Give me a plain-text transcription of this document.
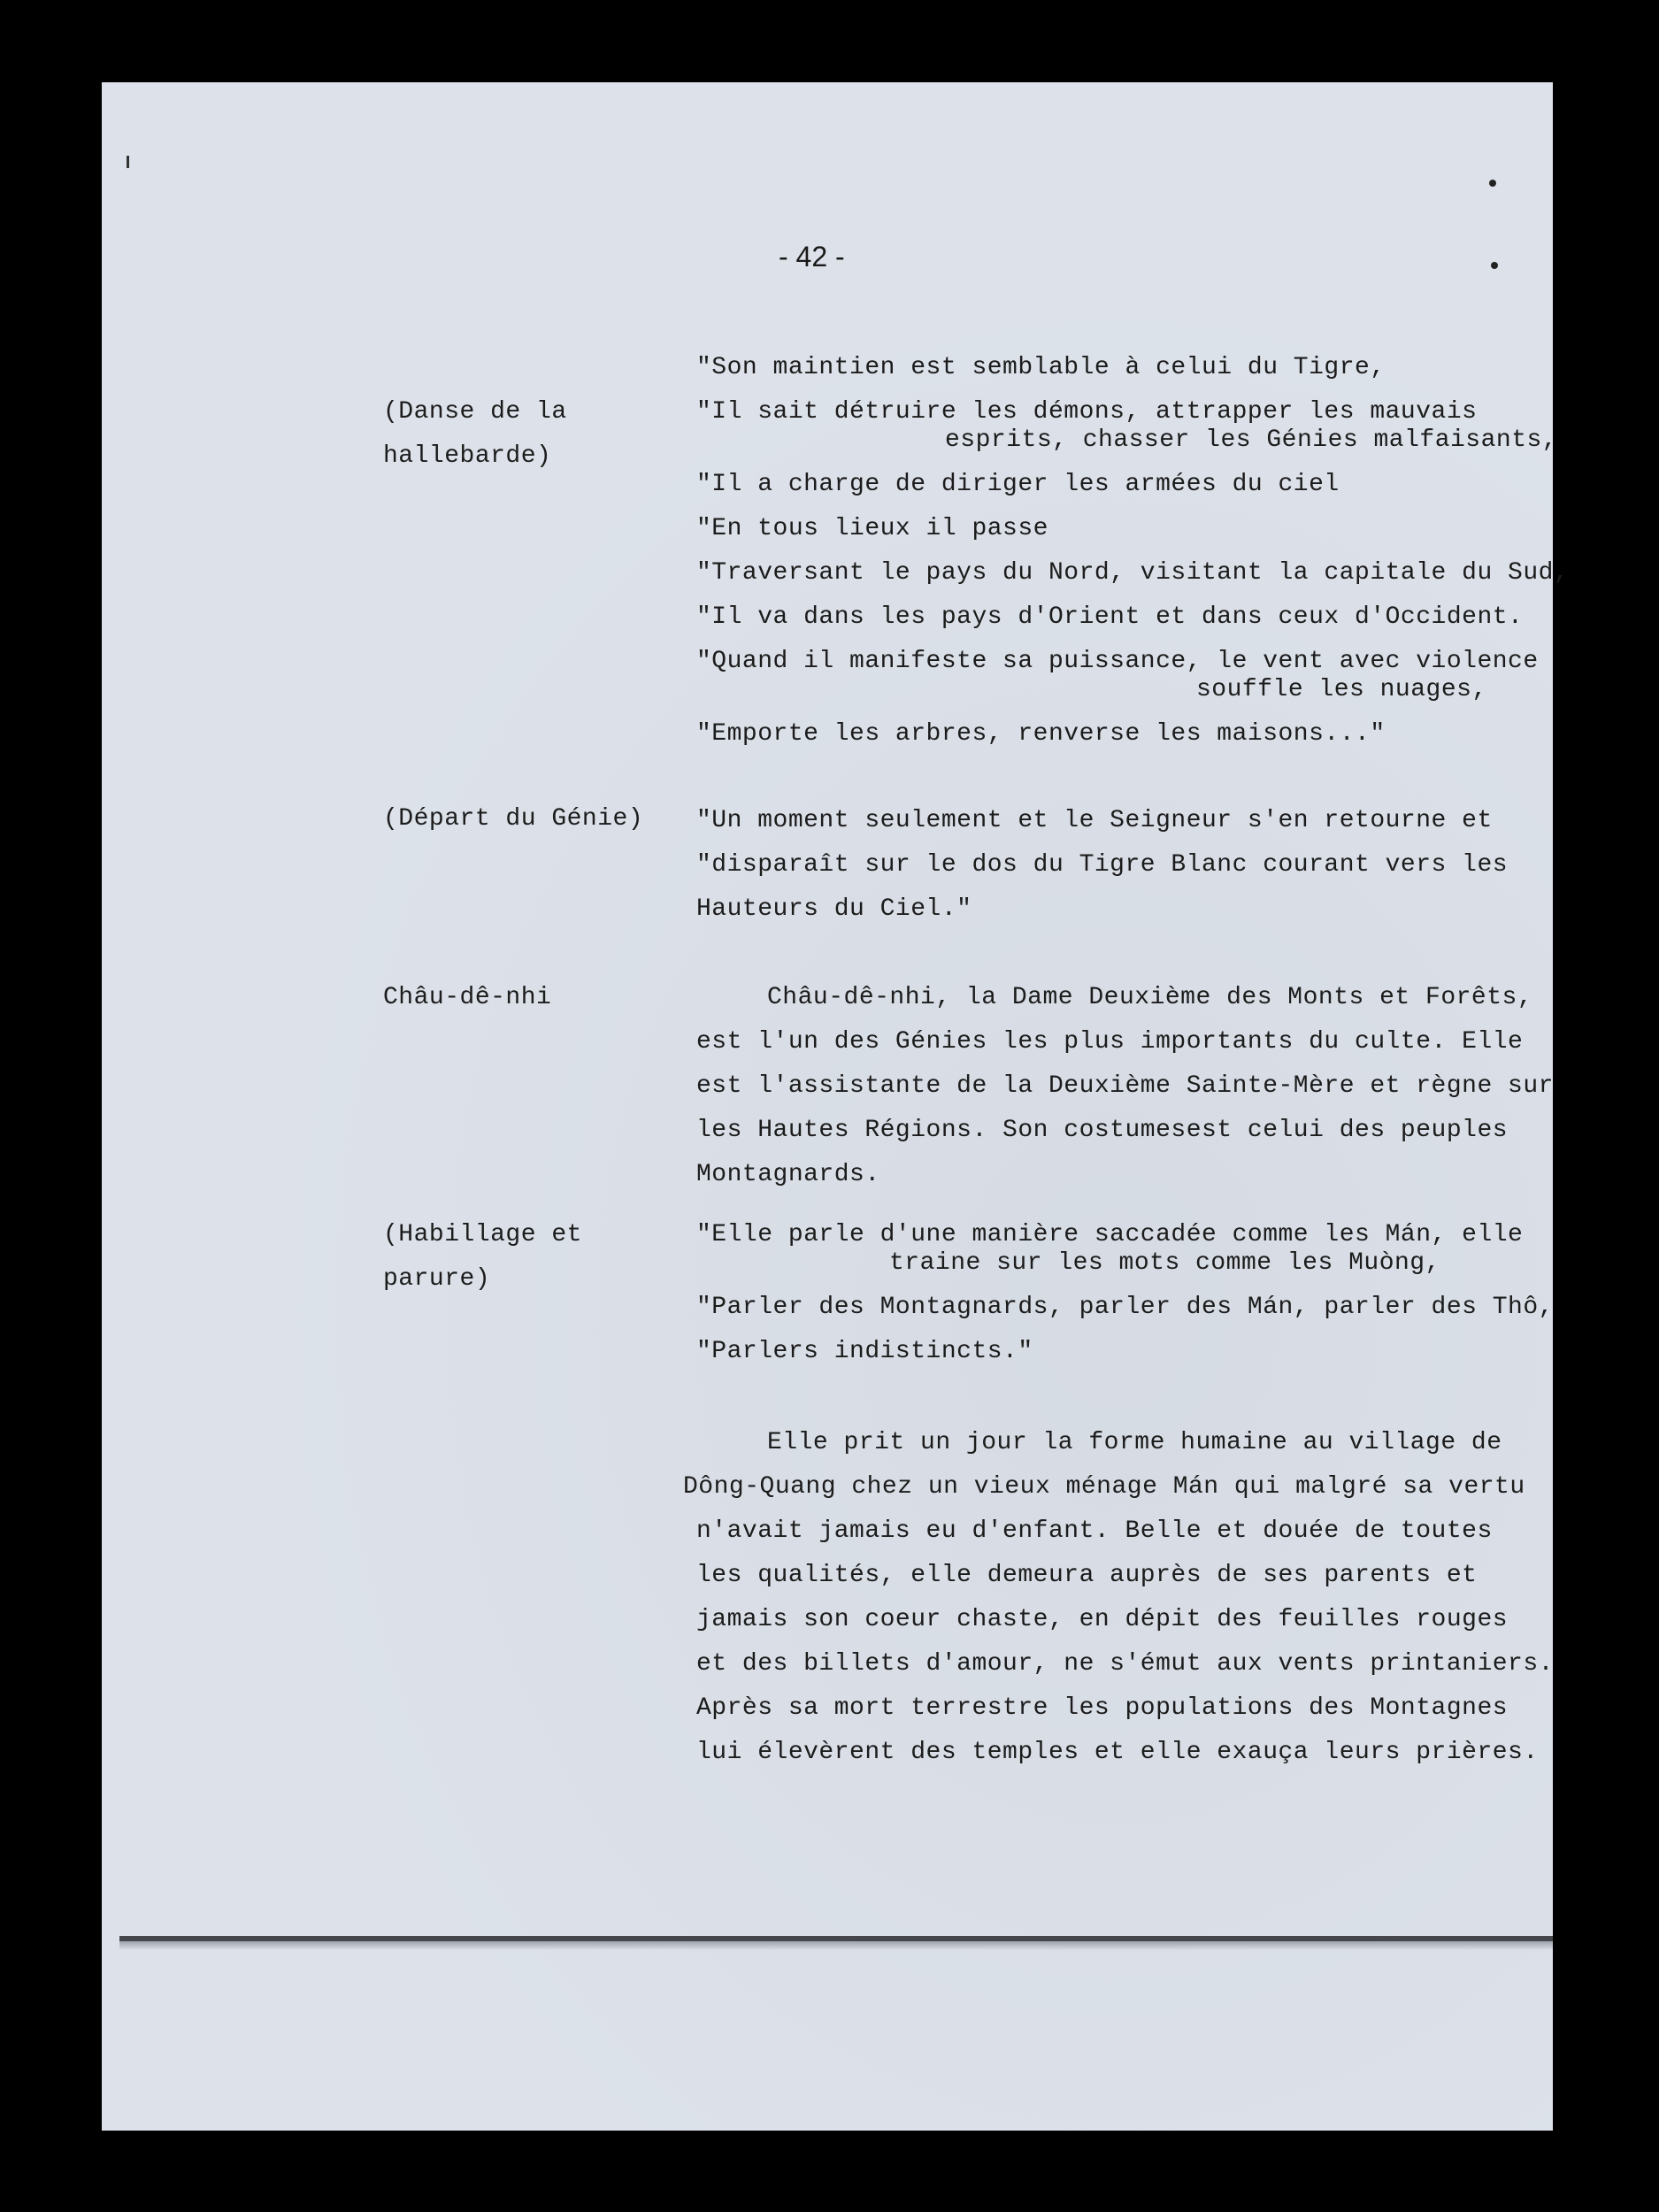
- 42 -
(Danse de la
hallebarde)
(Départ du Génie)
Châu-dê-nhi
(Habillage et
parure)
"Son maintien est semblable à celui du Tigre,
"Il sait détruire les démons, attrapper les mauvais
esprits, chasser les Génies malfaisants,
"Il a charge de diriger les armées du ciel
"En tous lieux il passe
"Traversant le pays du Nord, visitant la capitale du Sud,
"Il va dans les pays d'Orient et dans ceux d'Occident.
"Quand il manifeste sa puissance, le vent avec violence
souffle les nuages,
"Emporte les arbres, renverse les maisons..."
"Un moment seulement et le Seigneur s'en retourne et
"disparaît sur le dos du Tigre Blanc courant vers les
Hauteurs du Ciel."
Châu-dê-nhi, la Dame Deuxième des Monts et Forêts,
est l'un des Génies les plus importants du culte. Elle
est l'assistante de la Deuxième Sainte-Mère et règne sur
les Hautes Régions. Son costumesest celui des peuples
Montagnards.
"Elle parle d'une manière saccadée comme les Mán, elle
traine sur les mots comme les Muòng,
"Parler des Montagnards, parler des Mán, parler des Thô,
"Parlers indistincts."
Elle prit un jour la forme humaine au village de
Dông-Quang chez un vieux ménage Mán qui malgré sa vertu
n'avait jamais eu d'enfant. Belle et douée de toutes
les qualités, elle demeura auprès de ses parents et
jamais son coeur chaste, en dépit des feuilles rouges
et des billets d'amour, ne s'émut aux vents printaniers.
Après sa mort terrestre les populations des Montagnes
lui élevèrent des temples et elle exauça leurs prières.
